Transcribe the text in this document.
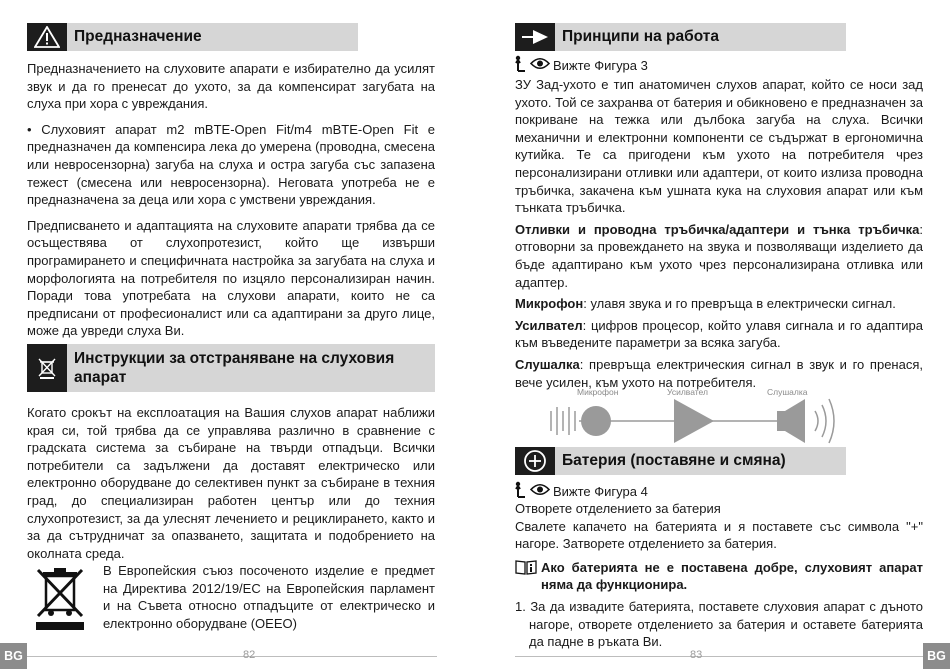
Предназначение

Предназначението на слуховите апарати е избирателно да усилят звук и да го пренесат до ухото, за да компенсират загубата на слуха при хора с увреждания.

• Слуховият апарат m2 mBTE-Open Fit/m4 mBTE-Open Fit е предназначен да компенсира лека до умерена (проводна, смесена или невросензорна) загуба на слуха и остра загуба със запазена тежест (смесена или невросензорна). Неговата употреба не е предназначена за деца или хора с умствени увреждания.

Предписването и адаптацията на слуховите апарати трябва да се осъществява от слухопротезист, който ще извърши програмирането и специфичната настройка за загубата на слуха и морфологията на потребителя по изцяло персонализиран начин. Поради това употребата на слухови апарати, които не са предписани от професионалист или са адаптирани за друго лице, може да увреди слуха Ви.

Инструкции за отстраняване на слуховия апарат

Когато срокът на експлоатация на Вашия слухов апарат наближи края си, той трябва да се управлява различно в сравнение с градската система за събиране на твърди отпадъци. Всички потребители са задължени да доставят електрическо или електронно оборудване до селективен пункт за събиране в техния град, до специализиран работен център или до техния слухопротезист, за да улеснят лечението и рециклирането, както и за да сътрудничат за опазването, защитата и подобрението на околната среда.

В Европейския съюз посоченото изделие е предмет на Директива 2012/19/ЕС на Европейския парламент и на Съвета относно отпадъците от електрическо и електронно оборудване (ОЕЕО)

BG	82
Принципи на работа
Вижте Фигура 3

ЗУ Зад-ухото е тип анатомичен слухов апарат, който се носи зад ухото. Той се захранва от батерия и обикновено е предназначен за покриване на тежка или дълбока загуба на слуха. Всички механични и електронни компоненти се съдържат в ергономична кутийка. Те са пригодени към ухото на потребителя чрез персонализирани отливки или адаптери, от които излиза проводна тръбичка, закачена към ушната кука на слуховия апарат или към тънката тръбичка.

Отливки и проводна тръбичка/адаптери и тънка тръбичка: отговорни за провеждането на звука и позволяващи изделието да бъде адаптирано към ухото чрез персонализирана отливка или адаптер.

Микрофон: улавя звука и го превръща в електрически сигнал.

Усилвател: цифров процесор, който улавя сигнала и го адаптира към въведените параметри за всяка загуба.

Слушалка: превръща електрическия сигнал в звук и го пренася, вече усилен, към ухото на потребителя.

Микрофон	Усилвател	Слушалка
Батерия (поставяне и смяна)
Вижте Фигура 4

Отворете отделението за батерия

Свалете капачето на батерията и я поставете със символа "+" нагоре. Затворете отделението за батерия.

Ако батерията не е поставена добре, слуховият апарат няма да функционира.

1. За да извадите батерията, поставете слуховия апарат с дъното нагоре, отворете отделението за батерия и оставете батерията да падне в ръката Ви.

BG
83
